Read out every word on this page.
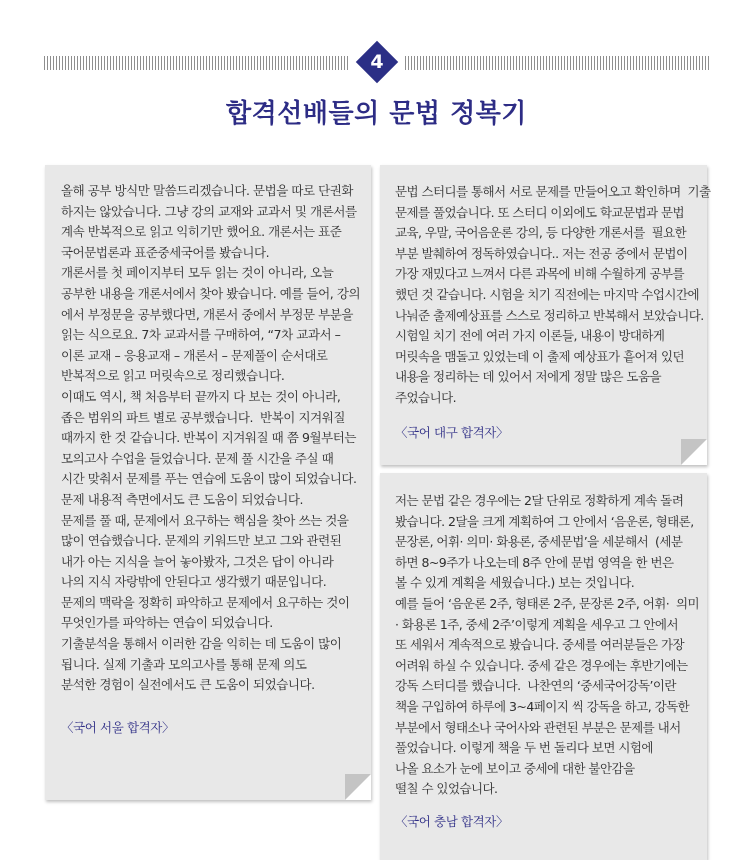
4
합격선배들의 문법 정복기

올해 공부 방식만 말씀드리겠습니다. 문법을 따로 단권화
하지는 않았습니다. 그냥 강의 교재와 교과서 및 개론서를
계속 반복적으로 읽고 익히기만 했어요. 개론서는 표준
국어문법론과 표준중세국어를 봤습니다.
개론서를 첫 페이지부터 모두 읽는 것이 아니라, 오늘
공부한 내용을 개론서에서 찾아 봤습니다. 예를 들어, 강의
에서 부정문을 공부했다면, 개론서 중에서 부정문 부분을
읽는 식으로요. 7차 교과서를 구매하여, “7차 교과서 –
이론 교재 – 응용교재 – 개론서 – 문제풀이 순서대로
반복적으로 읽고 머릿속으로 정리했습니다.
이때도 역시, 책 처음부터 끝까지 다 보는 것이 아니라,
좁은 범위의 파트 별로 공부했습니다.  반복이 지겨워질
때까지 한 것 같습니다. 반복이 지겨워질 때 쯤 9월부터는
모의고사 수업을 들었습니다. 문제 풀 시간을 주실 때
시간 맞춰서 문제를 푸는 연습에 도움이 많이 되었습니다.
문제 내용적 측면에서도 큰 도움이 되었습니다.
문제를 풀 때, 문제에서 요구하는 핵심을 찾아 쓰는 것을
많이 연습했습니다. 문제의 키워드만 보고 그와 관련된
내가 아는 지식을 늘어 놓아봤자, 그것은 답이 아니라
나의 지식 자랑밖에 안된다고 생각했기 때문입니다.
문제의 맥락을 정확히 파악하고 문제에서 요구하는 것이
무엇인가를 파악하는 연습이 되었습니다.
기출분석을 통해서 이러한 감을 익히는 데 도움이 많이
됩니다. 실제 기출과 모의고사를 통해 문제 의도
분석한 경험이 실전에서도 큰 도움이 되었습니다.

〈국어 서울 합격자〉

문법 스터디를 통해서 서로 문제를 만들어오고 확인하며  기출
문제를 풀었습니다. 또 스터디 이외에도 학교문법과 문법
교육, 우말, 국어음운론 강의, 등 다양한 개론서를  필요한
부분 발췌하여 정독하였습니다.. 저는 전공 중에서 문법이
가장 재밌다고 느껴서 다른 과목에 비해 수월하게 공부를
했던 것 같습니다. 시험을 치기 직전에는 마지막 수업시간에
나눠준 출제예상표를 스스로 정리하고 반복해서 보았습니다.
시험일 치기 전에 여러 가지 이론들, 내용이 방대하게
머릿속을 맴돌고 있었는데 이 출제 예상표가 흩어져 있던
내용을 정리하는 데 있어서 저에게 정말 많은 도움을
주었습니다.

〈국어 대구 합격자〉

저는 문법 같은 경우에는 2달 단위로 정확하게 계속 돌려
봤습니다. 2달을 크게 계획하여 그 안에서 ‘음운론, 형태론,
문장론, 어휘· 의미· 화용론, 중세문법’을 세분해서  (세분
하면 8~9주가 나오는데 8주 안에 문법 영역을 한 번은
볼 수 있게 계획을 세웠습니다.) 보는 것입니다.
예를 들어 ‘음운론 2주, 형태론 2주, 문장론 2주, 어휘·  의미
· 화용론 1주, 중세 2주’이렇게 계획을 세우고 그 안에서
또 세워서 계속적으로 봤습니다. 중세를 여러분들은 가장
어려워 하실 수 있습니다. 중세 같은 경우에는 후반기에는
강독 스터디를 했습니다.  나찬연의 ‘중세국어강독’이란
책을 구입하여 하루에 3~4페이지 씩 강독을 하고, 강독한
부분에서 형태소나 국어사와 관련된 부분은 문제를 내서
풀었습니다. 이렇게 책을 두 번 돌리다 보면 시험에
나올 요소가 눈에 보이고 중세에 대한 불안감을
떨칠 수 있었습니다.

〈국어 충남 합격자〉
